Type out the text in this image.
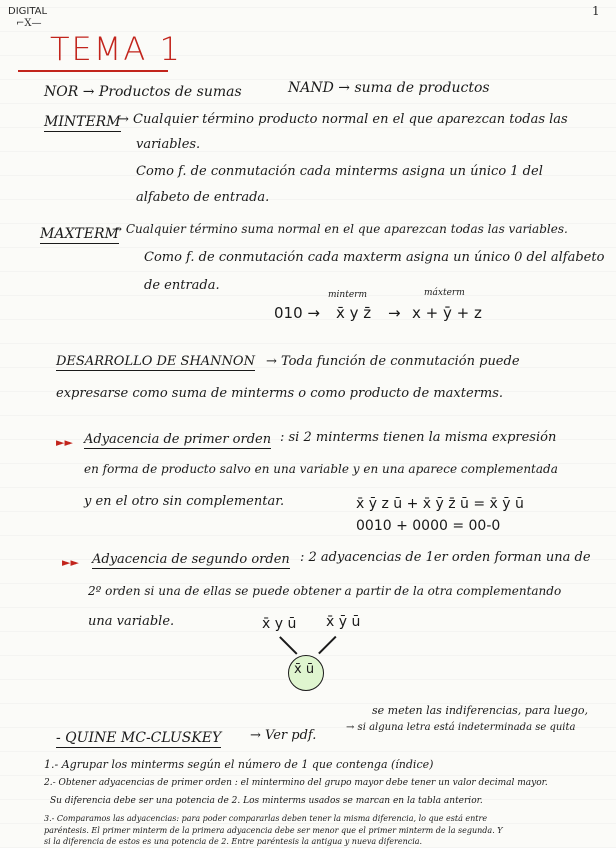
DIGITAL
⌐X—
1
TEMA 1
NOR → Productos de sumas	NAND → suma de productos
MINTERM
→ Cualquier término producto normal en el que aparezcan todas las
variables.
Como f. de conmutación cada minterms asigna un único 1 del
alfabeto de entrada.
MAXTERM
→ Cualquier término suma normal en el que aparezcan todas las variables.
Como f. de conmutación cada maxterm asigna un único 0 del alfabeto
de entrada.
minterm	máxterm
010 → x̄ y z̄ → x + ȳ + z
DESARROLLO DE SHANNON → Toda función de conmutación puede
expresarse como suma de minterms o como producto de maxterms.
►► Adyacencia de primer orden : si 2 minterms tienen la misma expresión
en forma de producto salvo en una variable y en una aparece complementada
y en el otro sin complementar.	x̄ ȳ z ū + x̄ ȳ z̄ ū = x̄ ȳ ū
0010 + 0000 = 00-0
►► Adyacencia de segundo orden : 2 adyacencias de 1er orden forman una de
2º orden si una de ellas se puede obtener a partir de la otra complementando
una variable.	x̄ y ū x̄ ȳ ū
x̄ ū
se meten las indiferencias, para luego,
→ si alguna letra está indeterminada se quita
- QUINE MC-CLUSKEY → Ver pdf.
1.- Agrupar los minterms según el número de 1 que contenga (índice)
2.- Obtener adyacencias de primer orden : el mintermino del grupo mayor debe tener un valor decimal mayor.
Su diferencia debe ser una potencia de 2. Los minterms usados se marcan en la tabla anterior.
3.- Comparamos las adyacencias: para poder compararlas deben tener la misma diferencia, lo que está entre
paréntesis. El primer minterm de la primera adyacencia debe ser menor que el primer minterm de la segunda. Y
si la diferencia de estos es una potencia de 2. Entre paréntesis la antigua y nueva diferencia.
